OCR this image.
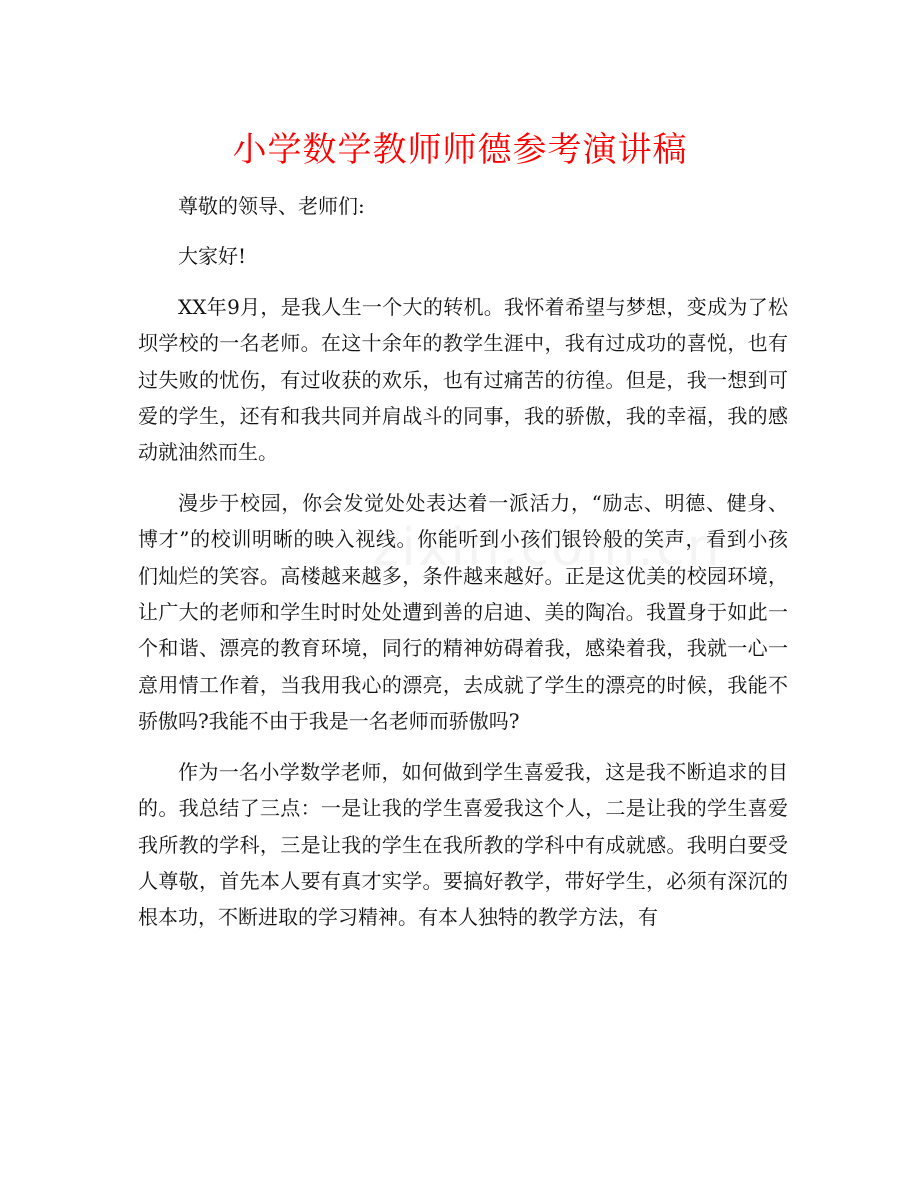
小学数学教师师德参考演讲稿

尊敬的领导、老师们:

大家好!

XX年9月，是我人生一个大的转机。我怀着希望与梦想，变成为了松坝学校的一名老师。在这十余年的教学生涯中，我有过成功的喜悦，也有过失败的忧伤，有过收获的欢乐，也有过痛苦的彷徨。但是，我一想到可爱的学生，还有和我共同并肩战斗的同事，我的骄傲，我的幸福，我的感动就油然而生。

漫步于校园，你会发觉处处表达着一派活力，“励志、明德、健身、博才”的校训明晰的映入视线。你能听到小孩们银铃般的笑声，看到小孩们灿烂的笑容。高楼越来越多，条件越来越好。正是这优美的校园环境，让广大的老师和学生时时处处遭到善的启迪、美的陶冶。我置身于如此一个和谐、漂亮的教育环境，同行的精神妨碍着我，感染着我，我就一心一意用情工作着，当我用我心的漂亮，去成就了学生的漂亮的时候，我能不骄傲吗?我能不由于我是一名老师而骄傲吗?

作为一名小学数学老师，如何做到学生喜爱我，这是我不断追求的目的。我总结了三点：一是让我的学生喜爱我这个人，二是让我的学生喜爱我所教的学科，三是让我的学生在我所教的学科中有成就感。我明白要受人尊敬，首先本人要有真才实学。要搞好教学，带好学生，必须有深沉的根本功，不断进取的学习精神。有本人独特的教学方法，有
